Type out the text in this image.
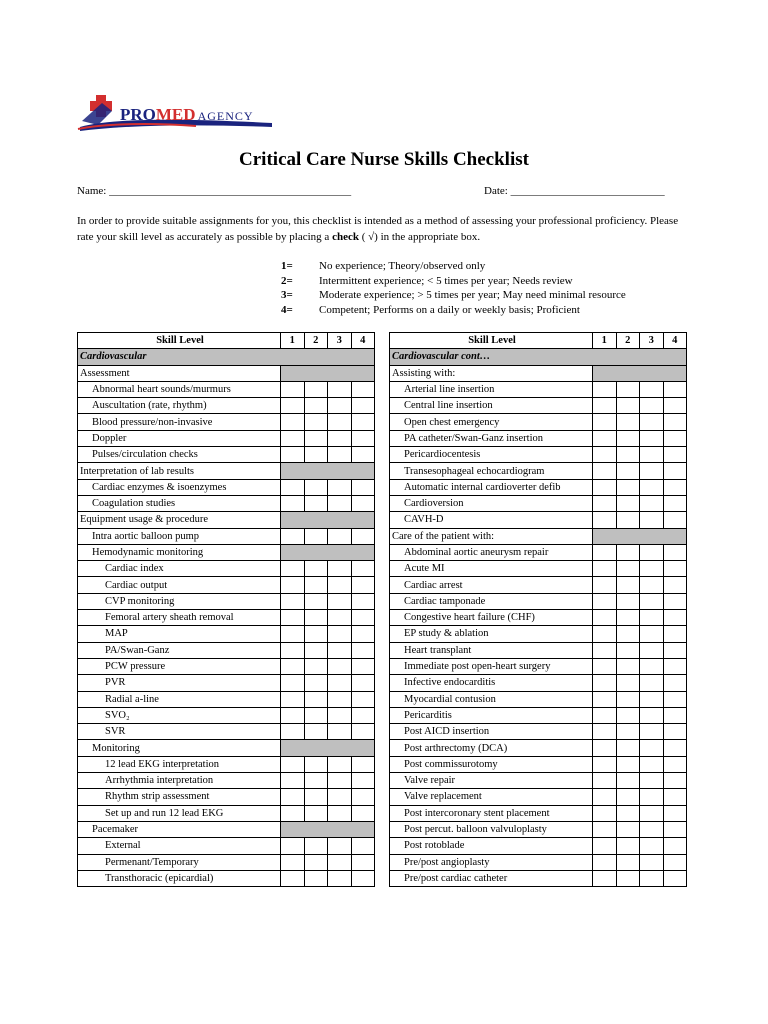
PROMED AGENCY
Critical Care Nurse Skills Checklist
Name: ____________________________________________	Date: ____________________________
In order to provide suitable assignments for you, this checklist is intended as a method of assessing your professional proficiency. Please rate your skill level as accurately as possible by placing a check ( √) in the appropriate box.
1=	No experience; Theory/observed only
2=	Intermittent experience; < 5 times per year; Needs review
3=	Moderate experience; > 5 times per year; May need minimal resource
4=	Competent; Performs on a daily or weekly basis; Proficient
Skill Level	1	2	3	4
Cardiovascular				
Assessment				
Abnormal heart sounds/murmurs				
Auscultation (rate, rhythm)				
Blood pressure/non-invasive				
Doppler				
Pulses/circulation checks				
Interpretation of lab results				
Cardiac enzymes & isoenzymes				
Coagulation studies				
Equipment usage & procedure				
Intra aortic balloon pump				
Hemodynamic monitoring				
Cardiac index				
Cardiac output				
CVP monitoring				
Femoral artery sheath removal				
MAP				
PA/Swan-Ganz				
PCW pressure				
PVR				
Radial a-line				
SVO₂				
SVR				
Monitoring				
12 lead EKG interpretation				
Arrhythmia interpretation				
Rhythm strip assessment				
Set up and run 12 lead EKG				
Pacemaker				
External				
Permenant/Temporary				
Transthoracic (epicardial)				
Skill Level	1	2	3	4
Cardiovascular cont…				
Assisting with:				
Arterial line insertion				
Central line insertion				
Open chest emergency				
PA catheter/Swan-Ganz insertion				
Pericardiocentesis				
Transesophageal echocardiogram				
Automatic internal cardioverter defib				
Cardioversion				
CAVH-D				
Care of the patient with:				
Abdominal aortic aneurysm repair				
Acute MI				
Cardiac arrest				
Cardiac tamponade				
Congestive heart failure (CHF)				
EP study & ablation				
Heart transplant				
Immediate post open-heart surgery				
Infective endocarditis				
Myocardial contusion				
Pericarditis				
Post AICD insertion				
Post arthrectomy (DCA)				
Post commissurotomy				
Valve repair				
Valve replacement				
Post intercoronary stent placement				
Post percut. balloon valvuloplasty				
Post rotoblade				
Pre/post angioplasty				
Pre/post cardiac catheter				
